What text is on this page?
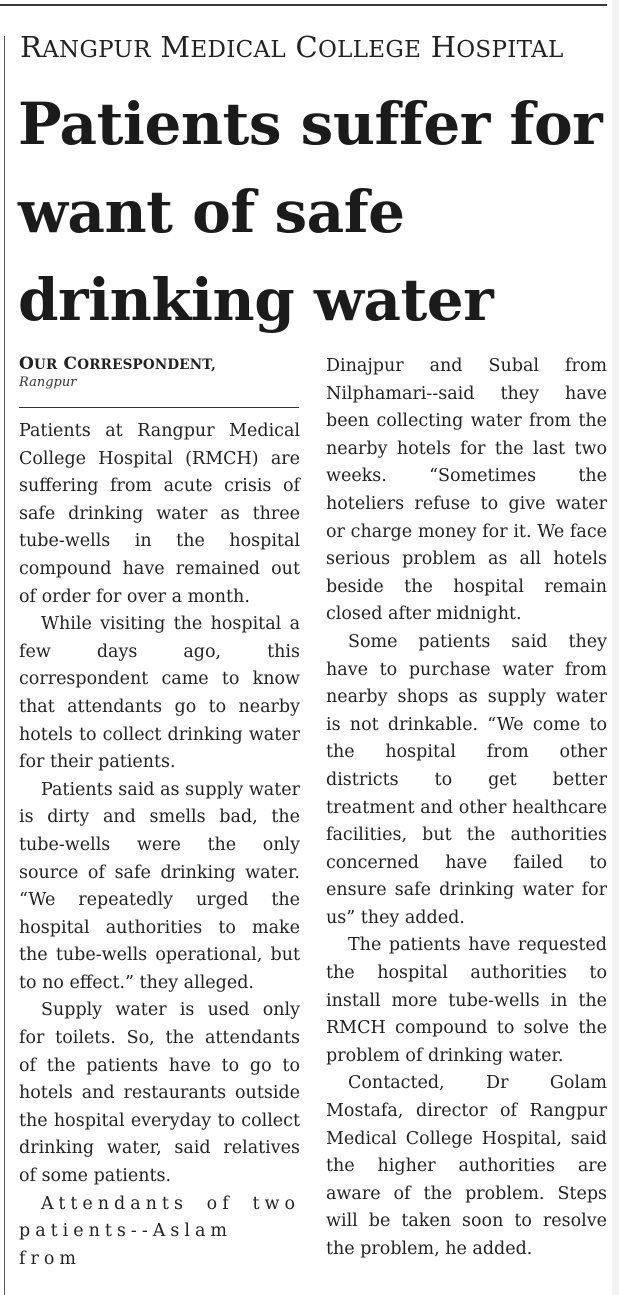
RANGPUR MEDICAL COLLEGE HOSPITAL
Patients suffer for want of safe drinking water
OUR CORRESPONDENT,
Rangpur

Patients at Rangpur Medical College Hospital (RMCH) are suffering from acute crisis of safe drinking water as three tube-wells in the hospital compound have remained out of order for over a month.

While visiting the hospital a few days ago, this correspondent came to know that attendants go to nearby hotels to collect drinking water for their patients.

Patients said as supply water is dirty and smells bad, the tube-wells were the only source of safe drinking water. “We repeatedly urged the hospital authorities to make the tube-wells operational, but to no effect.” they alleged.

Supply water is used only for toilets. So, the attendants of the patients have to go to hotels and restaurants outside the hospital everyday to collect drinking water, said relatives of some patients.

Attendants of two patients--Aslam from

Dinajpur and Subal from Nilphamari--said they have been collecting water from the nearby hotels for the last two weeks. “Sometimes the hoteliers refuse to give water or charge money for it. We face serious problem as all hotels beside the hospital remain closed after midnight.

Some patients said they have to purchase water from nearby shops as supply water is not drinkable. “We come to the hospital from other districts to get better treatment and other healthcare facilities, but the authorities concerned have failed to ensure safe drinking water for us” they added.

The patients have requested the hospital authorities to install more tube-wells in the RMCH compound to solve the problem of drinking water.

Contacted, Dr Golam Mostafa, director of Rangpur Medical College Hospital, said the higher authorities are aware of the problem. Steps will be taken soon to resolve the problem, he added.
